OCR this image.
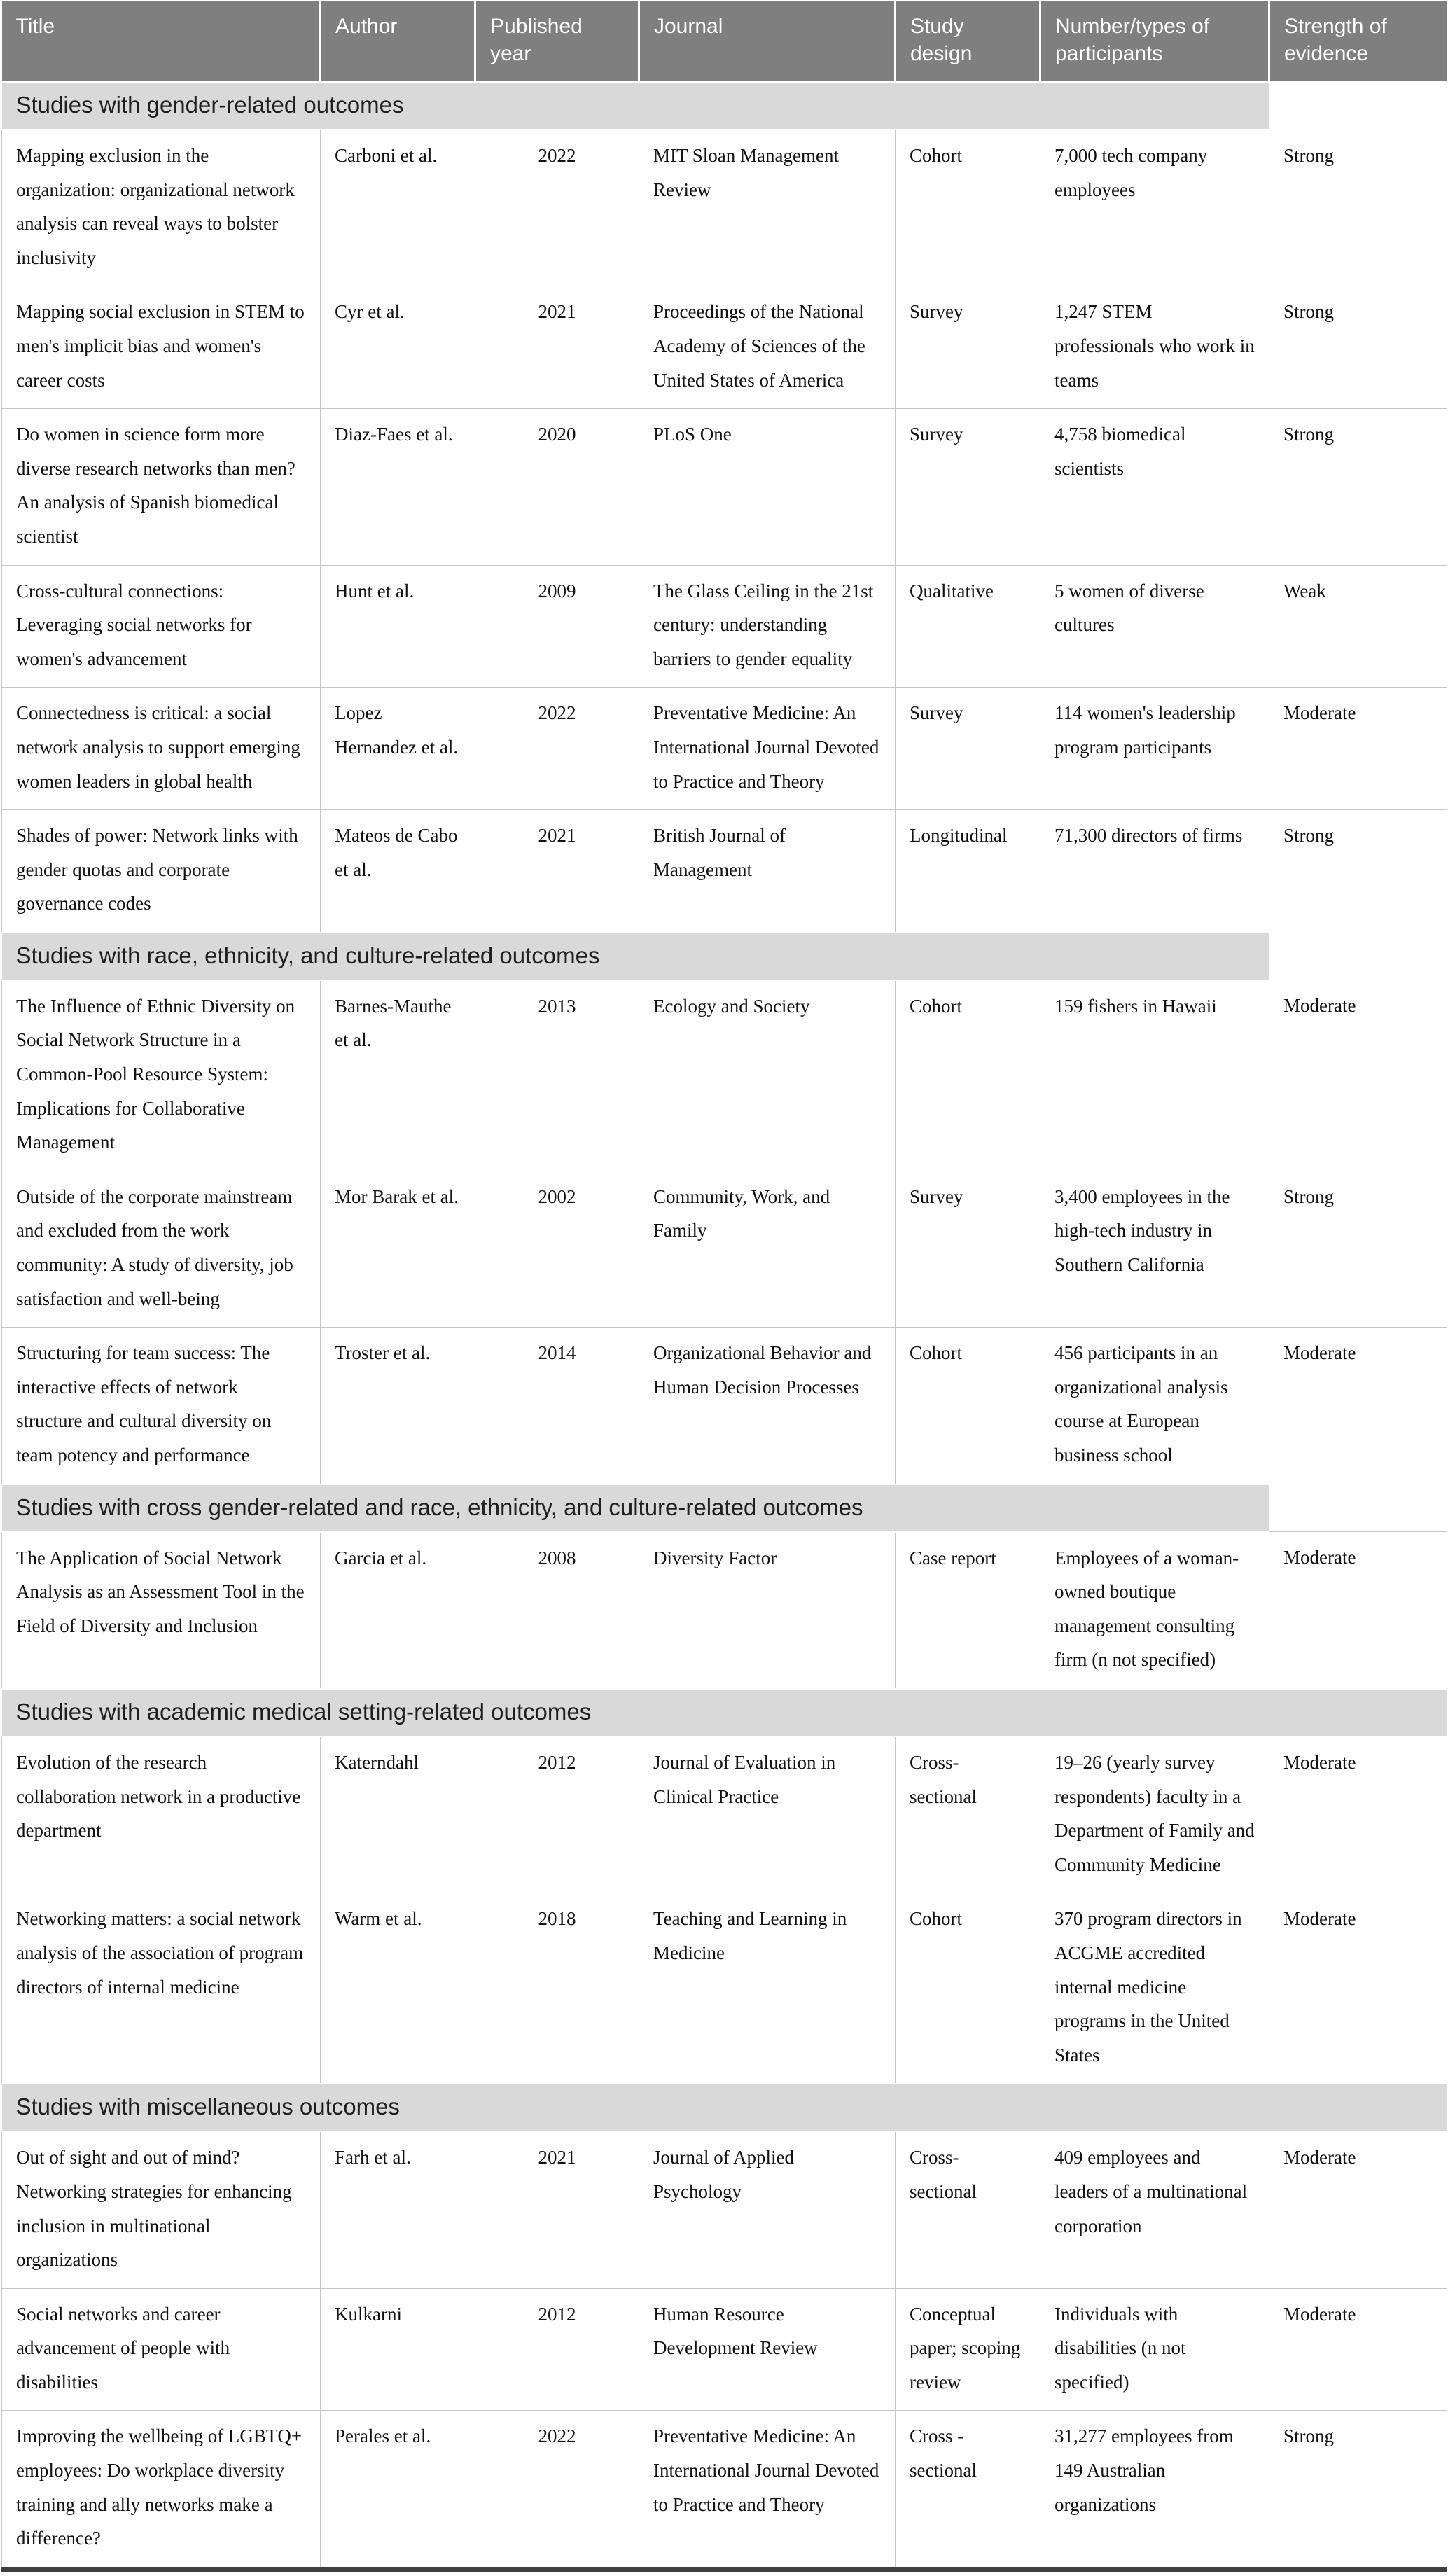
Title	Author	Published year	Journal	Study design	Number/types of participants	Strength of evidence
Studies with gender-related outcomes						
Mapping exclusion in the organization: organizational network analysis can reveal ways to bolster inclusivity	Carboni et al.	2022	MIT Sloan Management Review	Cohort	7,000 tech company employees	Strong
Mapping social exclusion in STEM to men's implicit bias and women's career costs	Cyr et al.	2021	Proceedings of the National Academy of Sciences of the United States of America	Survey	1,247 STEM professionals who work in teams	Strong
Do women in science form more diverse research networks than men? An analysis of Spanish biomedical scientist	Diaz-Faes et al.	2020	PLoS One	Survey	4,758 biomedical scientists	Strong
Cross-cultural connections: Leveraging social networks for women's advancement	Hunt et al.	2009	The Glass Ceiling in the 21st century: understanding barriers to gender equality	Qualitative	5 women of diverse cultures	Weak
Connectedness is critical: a social network analysis to support emerging women leaders in global health	Lopez Hernandez et al.	2022	Preventative Medicine: An International Journal Devoted to Practice and Theory	Survey	114 women's leadership program participants	Moderate
Shades of power: Network links with gender quotas and corporate governance codes	Mateos de Cabo et al.	2021	British Journal of Management	Longitudinal	71,300 directors of firms	Strong
Studies with race, ethnicity, and culture-related outcomes						
The Influence of Ethnic Diversity on Social Network Structure in a Common-Pool Resource System: Implications for Collaborative Management	Barnes-Mauthe et al.	2013	Ecology and Society	Cohort	159 fishers in Hawaii	Moderate
Outside of the corporate mainstream and excluded from the work community: A study of diversity, job satisfaction and well-being	Mor Barak et al.	2002	Community, Work, and Family	Survey	3,400 employees in the high-tech industry in Southern California	Strong
Structuring for team success: The interactive effects of network structure and cultural diversity on team potency and performance	Troster et al.	2014	Organizational Behavior and Human Decision Processes	Cohort	456 participants in an organizational analysis course at European business school	Moderate
Studies with cross gender-related and race, ethnicity, and culture-related outcomes						
The Application of Social Network Analysis as an Assessment Tool in the Field of Diversity and Inclusion	Garcia et al.	2008	Diversity Factor	Case report	Employees of a woman-owned boutique management consulting firm (n not specified)	Moderate
Studies with academic medical setting-related outcomes						
Evolution of the research collaboration network in a productive department	Katerndahl	2012	Journal of Evaluation in Clinical Practice	Cross-sectional	19–26 (yearly survey respondents) faculty in a Department of Family and Community Medicine	Moderate
Networking matters: a social network analysis of the association of program directors of internal medicine	Warm et al.	2018	Teaching and Learning in Medicine	Cohort	370 program directors in ACGME accredited internal medicine programs in the United States	Moderate
Studies with miscellaneous outcomes						
Out of sight and out of mind? Networking strategies for enhancing inclusion in multinational organizations	Farh et al.	2021	Journal of Applied Psychology	Cross-sectional	409 employees and leaders of a multinational corporation	Moderate
Social networks and career advancement of people with disabilities	Kulkarni	2012	Human Resource Development Review	Conceptual paper; scoping review	Individuals with disabilities (n not specified)	Moderate
Improving the wellbeing of LGBTQ+ employees: Do workplace diversity training and ally networks make a difference?	Perales et al.	2022	Preventative Medicine: An International Journal Devoted to Practice and Theory	Cross -sectional	31,277 employees from 149 Australian organizations	Strong
